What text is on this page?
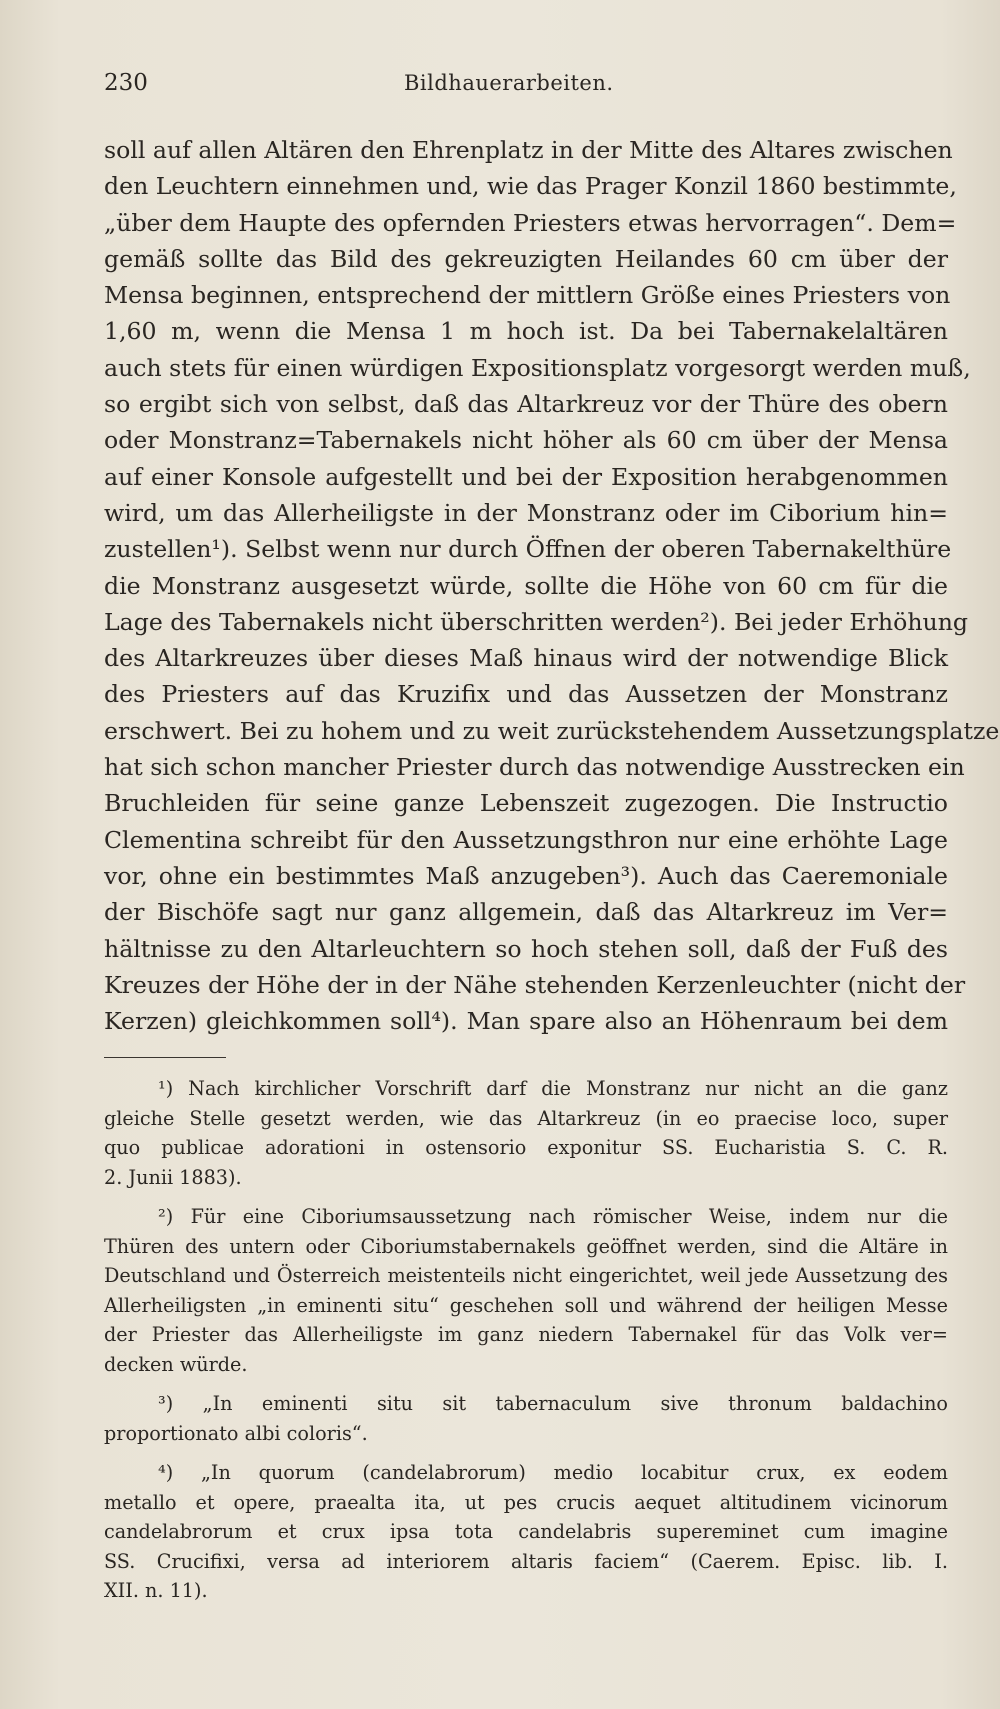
230	Bildhauerarbeiten.
soll auf allen Altären den Ehrenplatz in der Mitte des Altares zwischen
den Leuchtern einnehmen und, wie das Prager Konzil 1860 bestimmte,
„über dem Haupte des opfernden Priesters etwas hervorragen“. Dem=
gemäß sollte das Bild des gekreuzigten Heilandes 60 cm über der
Mensa beginnen, entsprechend der mittlern Größe eines Priesters von
1,60 m, wenn die Mensa 1 m hoch ist. Da bei Tabernakelaltären
auch stets für einen würdigen Expositionsplatz vorgesorgt werden muß,
so ergibt sich von selbst, daß das Altarkreuz vor der Thüre des obern
oder Monstranz=Tabernakels nicht höher als 60 cm über der Mensa
auf einer Konsole aufgestellt und bei der Exposition herabgenommen
wird, um das Allerheiligste in der Monstranz oder im Ciborium hin=
zustellen¹). Selbst wenn nur durch Öffnen der oberen Tabernakelthüre
die Monstranz ausgesetzt würde, sollte die Höhe von 60 cm für die
Lage des Tabernakels nicht überschritten werden²). Bei jeder Erhöhung
des Altarkreuzes über dieses Maß hinaus wird der notwendige Blick
des Priesters auf das Kruzifix und das Aussetzen der Monstranz
erschwert. Bei zu hohem und zu weit zurückstehendem Aussetzungsplatze
hat sich schon mancher Priester durch das notwendige Ausstrecken ein
Bruchleiden für seine ganze Lebenszeit zugezogen. Die Instructio
Clementina schreibt für den Aussetzungsthron nur eine erhöhte Lage
vor, ohne ein bestimmtes Maß anzugeben³). Auch das Caeremoniale
der Bischöfe sagt nur ganz allgemein, daß das Altarkreuz im Ver=
hältnisse zu den Altarleuchtern so hoch stehen soll, daß der Fuß des
Kreuzes der Höhe der in der Nähe stehenden Kerzenleuchter (nicht der
Kerzen) gleichkommen soll⁴). Man spare also an Höhenraum bei dem
¹) Nach kirchlicher Vorschrift darf die Monstranz nur nicht an die ganz
gleiche Stelle gesetzt werden, wie das Altarkreuz (in eo praecise loco, super
quo publicae adorationi in ostensorio exponitur SS. Eucharistia S. C. R.
2. Junii 1883).
²) Für eine Ciboriumsaussetzung nach römischer Weise, indem nur die
Thüren des untern oder Ciboriumstabernakels geöffnet werden, sind die Altäre in
Deutschland und Österreich meistenteils nicht eingerichtet, weil jede Aussetzung des
Allerheiligsten „in eminenti situ“ geschehen soll und während der heiligen Messe
der Priester das Allerheiligste im ganz niedern Tabernakel für das Volk ver=
decken würde.
³) „In eminenti situ sit tabernaculum sive thronum baldachino
proportionato albi coloris“.
⁴) „In quorum (candelabrorum) medio locabitur crux, ex eodem
metallo et opere, praealta ita, ut pes crucis aequet altitudinem vicinorum
candelabrorum et crux ipsa tota candelabris supereminet cum imagine
SS. Crucifixi, versa ad interiorem altaris faciem“ (Caerem. Episc. lib. I.
XII. n. 11).
